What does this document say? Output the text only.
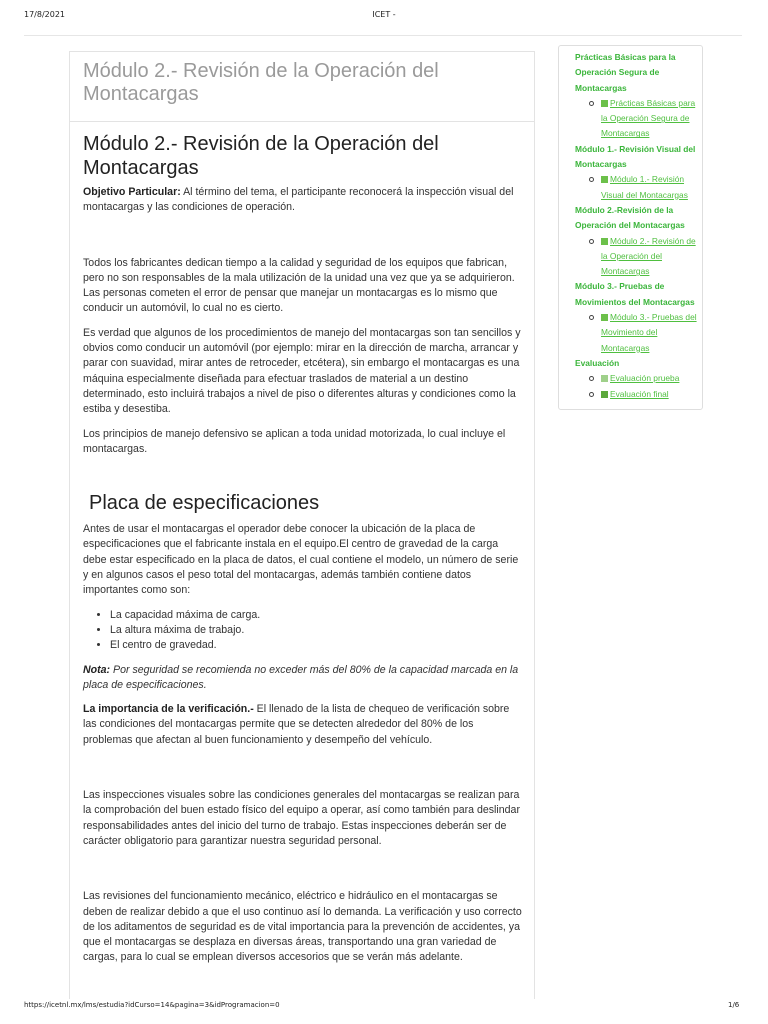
17/8/2021	ICET -
Módulo 2.- Revisión de la Operación del Montacargas
Módulo 2.- Revisión de la Operación del Montacargas

Objetivo Particular: Al término del tema, el participante reconocerá la inspección visual del montacargas y las condiciones de operación.

Todos los fabricantes dedican tiempo a la calidad y seguridad de los equipos que fabrican, pero no son responsables de la mala utilización de la unidad una vez que ya se adquirieron. Las personas cometen el error de pensar que manejar un montacargas es lo mismo que conducir un automóvil, lo cual no es cierto.

Es verdad que algunos de los procedimientos de manejo del montacargas son tan sencillos y obvios como conducir un automóvil (por ejemplo: mirar en la dirección de marcha, arrancar y parar con suavidad, mirar antes de retroceder, etcétera), sin embargo el montacargas es una máquina especialmente diseñada para efectuar traslados de material a un destino determinado, esto incluirá trabajos a nivel de piso o diferentes alturas y condiciones como la estiba y desestiba.

Los principios de manejo defensivo se aplican a toda unidad motorizada, lo cual incluye el montacargas.

Placa de especificaciones

Antes de usar el montacargas el operador debe conocer la ubicación de la placa de especificaciones que el fabricante instala en el equipo.El centro de gravedad de la carga debe estar especificado en la placa de datos, el cual contiene el modelo, un número de serie y en algunos casos el peso total del montacargas, además también contiene datos importantes como son:

• La capacidad máxima de carga.
• La altura máxima de trabajo.
• El centro de gravedad.

Nota: Por seguridad se recomienda no exceder más del 80% de la capacidad marcada en la placa de especificaciones.

La importancia de la verificación.- El llenado de la lista de chequeo de verificación sobre las condiciones del montacargas permite que se detecten alrededor del 80% de los problemas que afectan al buen funcionamiento y desempeño del vehículo.

Las inspecciones visuales sobre las condiciones generales del montacargas se realizan para la comprobación del buen estado físico del equipo a operar, así como también para deslindar responsabilidades antes del inicio del turno de trabajo. Estas inspecciones deberán ser de carácter obligatorio para garantizar nuestra seguridad personal.

Las revisiones del funcionamiento mecánico, eléctrico e hidráulico en el montacargas se deben de realizar debido a que el uso continuo así lo demanda. La verificación y uso correcto de los aditamentos de seguridad es de vital importancia para la prevención de accidentes, ya que el montacargas se desplaza en diversas áreas, transportando una gran variedad de cargas, para lo cual se emplean diversos accesorios que se verán más adelante.

Prácticas Básicas para la Operación Segura de Montacargas
Prácticas Básicas para la Operación Segura de Montacargas
Módulo 1.- Revisión Visual del Montacargas
Módulo 1.- Revisión Visual del Montacargas
Módulo 2.-Revisión de la Operación del Montacargas
Módulo 2.- Revisión de la Operación del Montacargas
Módulo 3.- Pruebas de Movimientos del Montacargas
Módulo 3.- Pruebas del Movimiento del Montacargas
Evaluación
Evaluación prueba
Evaluación final
https://icetnl.mx/lms/estudia?idCurso=14&pagina=3&idProgramacion=0	1/6
